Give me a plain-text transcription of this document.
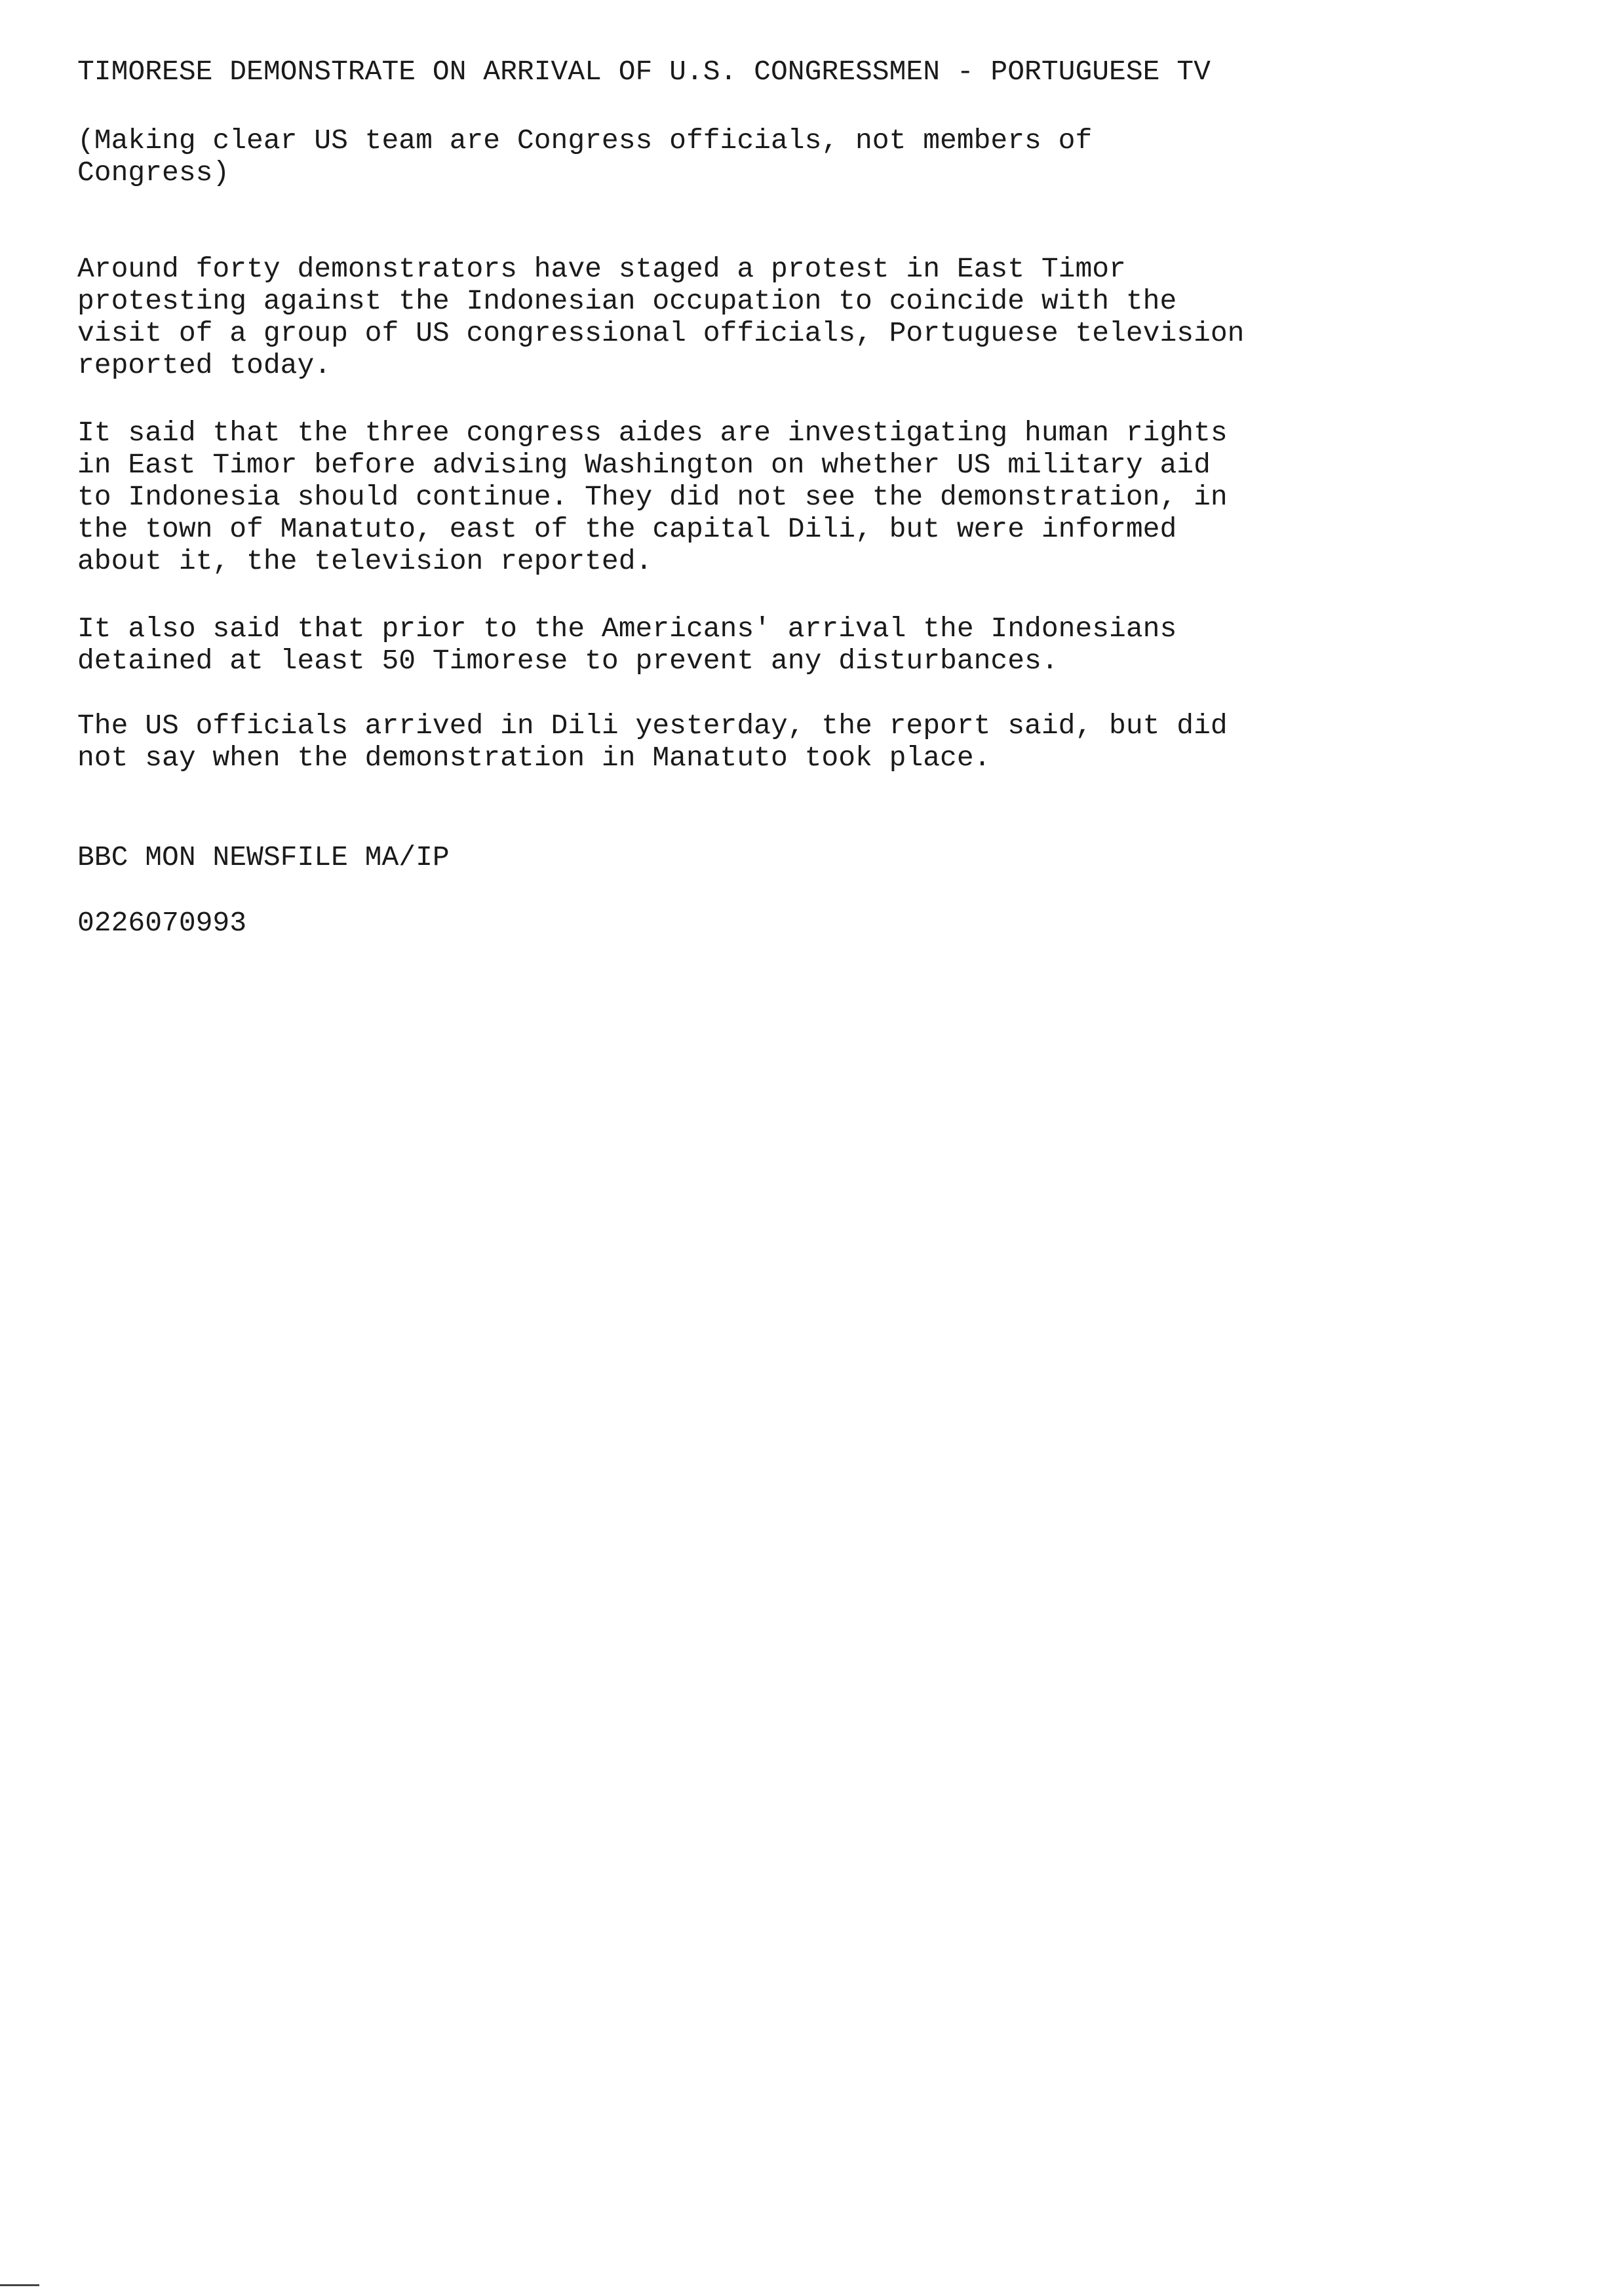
TIMORESE DEMONSTRATE ON ARRIVAL OF U.S. CONGRESSMEN - PORTUGUESE TV

(Making clear US team are Congress officials, not members of
Congress)

Around forty demonstrators have staged a protest in East Timor
protesting against the Indonesian occupation to coincide with the
visit of a group of US congressional officials, Portuguese television
reported today.

It said that the three congress aides are investigating human rights
in East Timor before advising Washington on whether US military aid
to Indonesia should continue. They did not see the demonstration, in
the town of Manatuto, east of the capital Dili, but were informed
about it, the television reported.

It also said that prior to the Americans' arrival the Indonesians
detained at least 50 Timorese to prevent any disturbances.

The US officials arrived in Dili yesterday, the report said, but did
not say when the demonstration in Manatuto took place.

BBC MON NEWSFILE MA/IP

0226070993
